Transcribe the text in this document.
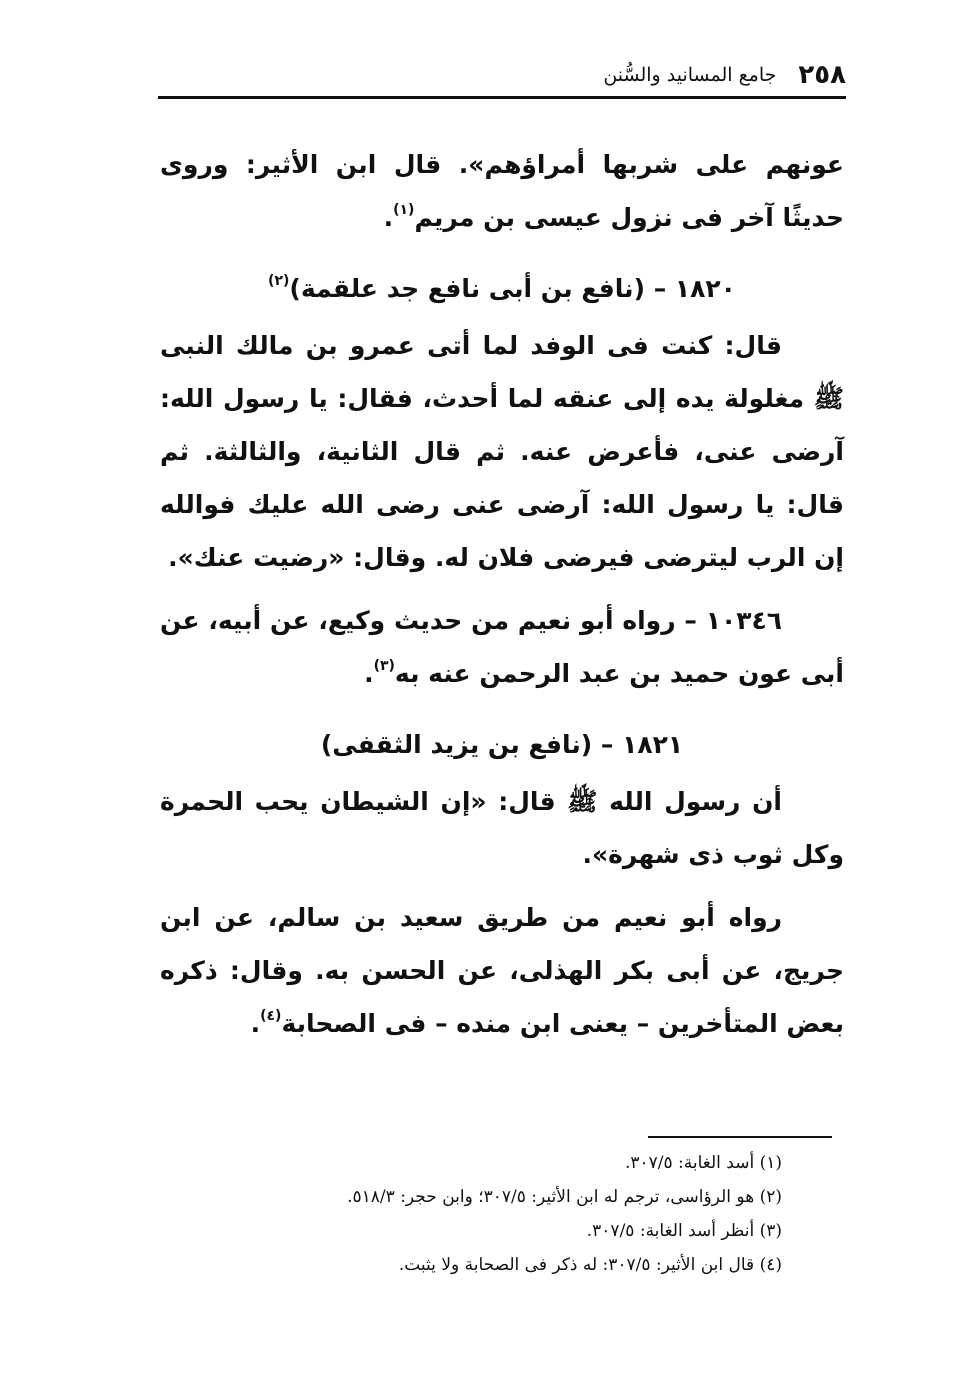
٢٥٨
جامع المسانيد والسُّنن

عونهم على شربها أمراؤهم». قال ابن الأثير: وروى حديثًا آخر فى نزول عيسى بن مريم$^{(١)}$.

١٨٢٠ – (نافع بن أبى نافع جد علقمة)$^{(٢)}$

قال: كنت فى الوفد لما أتى عمرو بن مالك النبى ﷺ مغلولة يده إلى عنقه لما أحدث، فقال: يا رسول الله: آرضى عنى، فأعرض عنه. ثم قال الثانية، والثالثة. ثم قال: يا رسول الله: آرضى عنى رضى الله عليك فوالله إن الرب ليترضى فيرضى فلان له. وقال: «رضيت عنك».

١٠٣٤٦ – رواه أبو نعيم من حديث وكيع، عن أبيه، عن أبى عون حميد بن عبد الرحمن عنه به$^{(٣)}$.

١٨٢١ – (نافع بن يزيد الثقفى)

أن رسول الله ﷺ قال: «إن الشيطان يحب الحمرة وكل ثوب ذى شهرة».

رواه أبو نعيم من طريق سعيد بن سالم، عن ابن جريج، عن أبى بكر الهذلى، عن الحسن به. وقال: ذكره بعض المتأخرين – يعنى ابن منده – فى الصحابة$^{(٤)}$.

(١) أسد الغابة: ٣٠٧/٥.
(٢) هو الرؤاسى، ترجم له ابن الأثير: ٣٠٧/٥؛ وابن حجر: ٥١٨/٣.
(٣) أنظر أسد الغابة: ٣٠٧/٥.
(٤) قال ابن الأثير: ٣٠٧/٥: له ذكر فى الصحابة ولا يثبت.
